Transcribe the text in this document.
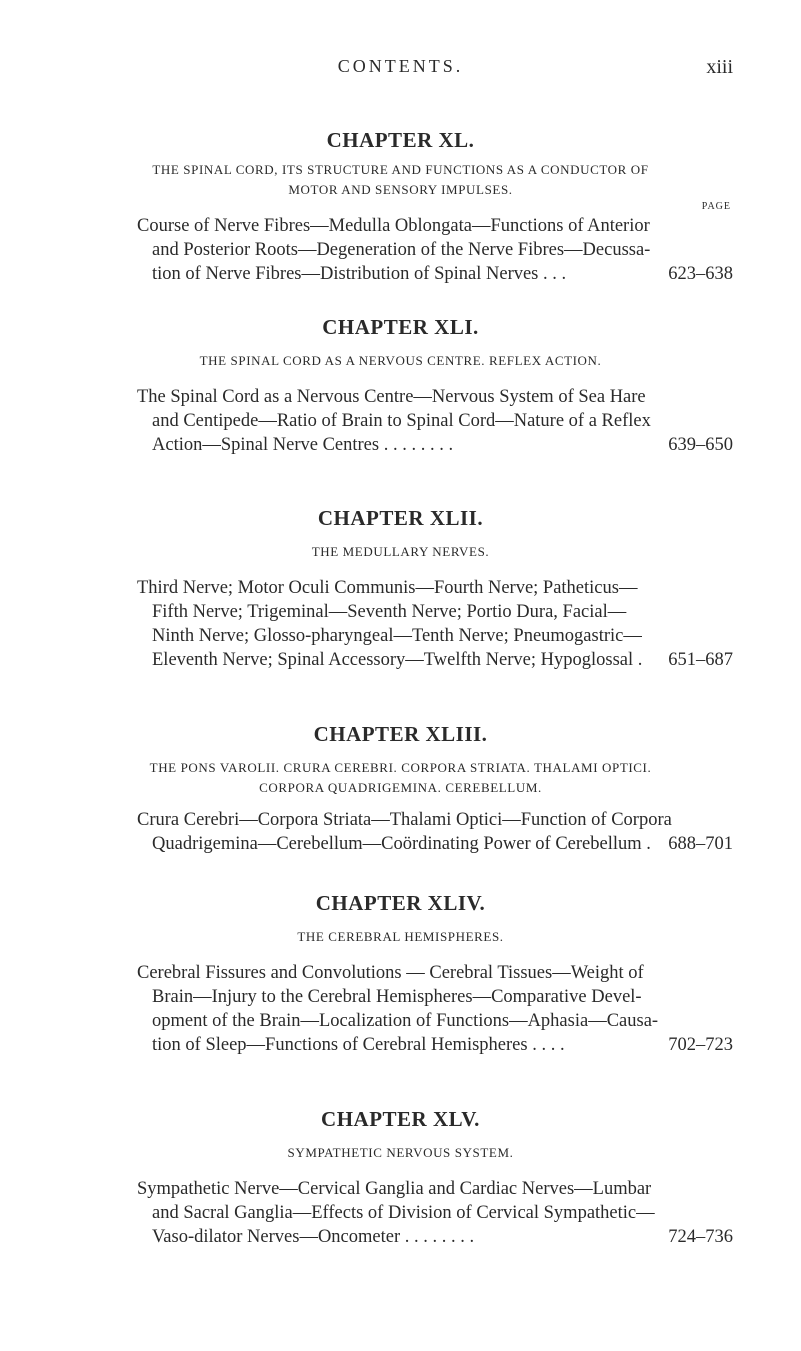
CONTENTS.	xiii
CHAPTER XL.

THE SPINAL CORD, ITS STRUCTURE AND FUNCTIONS AS A CONDUCTOR OF
MOTOR AND SENSORY IMPULSES.

PAGE
Course of Nerve Fibres—Medulla Oblongata—Functions of Anterior
and Posterior Roots—Degeneration of the Nerve Fibres—Decussa-
tion of Nerve Fibres—Distribution of Spinal Nerves . . .	623–638
CHAPTER XLI.

THE SPINAL CORD AS A NERVOUS CENTRE. REFLEX ACTION.

The Spinal Cord as a Nervous Centre—Nervous System of Sea Hare
and Centipede—Ratio of Brain to Spinal Cord—Nature of a Reflex
Action—Spinal Nerve Centres . . . . . . . .	639–650
CHAPTER XLII.

THE MEDULLARY NERVES.

Third Nerve; Motor Oculi Communis—Fourth Nerve; Patheticus—
Fifth Nerve; Trigeminal—Seventh Nerve; Portio Dura, Facial—
Ninth Nerve; Glosso-pharyngeal—Tenth Nerve; Pneumogastric—
Eleventh Nerve; Spinal Accessory—Twelfth Nerve; Hypoglossal .	651–687
CHAPTER XLIII.

THE PONS VAROLII. CRURA CEREBRI. CORPORA STRIATA. THALAMI OPTICI.
CORPORA QUADRIGEMINA. CEREBELLUM.

Crura Cerebri—Corpora Striata—Thalami Optici—Function of Corpora
Quadrigemina—Cerebellum—Coördinating Power of Cerebellum . 688–701
CHAPTER XLIV.

THE CEREBRAL HEMISPHERES.

Cerebral Fissures and Convolutions — Cerebral Tissues—Weight of
Brain—Injury to the Cerebral Hemispheres—Comparative Devel-
opment of the Brain—Localization of Functions—Aphasia—Causa-
tion of Sleep—Functions of Cerebral Hemispheres . . . .	702–723
CHAPTER XLV.

SYMPATHETIC NERVOUS SYSTEM.

Sympathetic Nerve—Cervical Ganglia and Cardiac Nerves—Lumbar
and Sacral Ganglia—Effects of Division of Cervical Sympathetic—
Vaso-dilator Nerves—Oncometer . . . . . . . .	724–736
